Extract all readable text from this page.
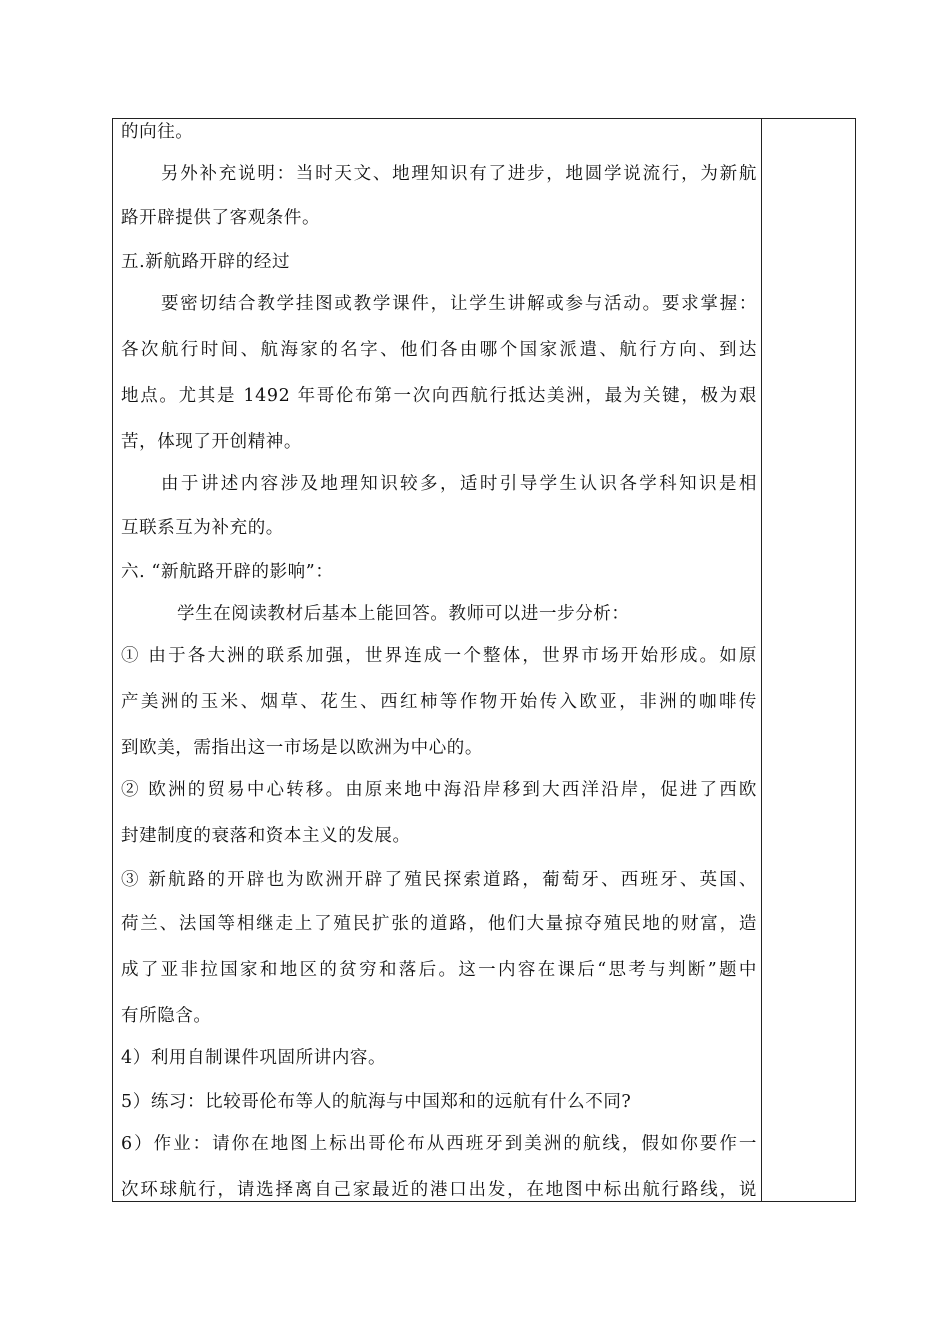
的向往。
另外补充说明：当时天文、地理知识有了进步，地圆学说流行，为新航
路开辟提供了客观条件。
五.新航路开辟的经过
要密切结合教学挂图或教学课件，让学生讲解或参与活动。要求掌握：
各次航行时间、航海家的名字、他们各由哪个国家派遣、航行方向、到达
地点。尤其是 1492 年哥伦布第一次向西航行抵达美洲，最为关键，极为艰
苦，体现了开创精神。
由于讲述内容涉及地理知识较多，适时引导学生认识各学科知识是相
互联系互为补充的。
六. “新航路开辟的影响”：
学生在阅读教材后基本上能回答。教师可以进一步分析：
① 由于各大洲的联系加强，世界连成一个整体，世界市场开始形成。如原
产美洲的玉米、烟草、花生、西红柿等作物开始传入欧亚，非洲的咖啡传
到欧美，需指出这一市场是以欧洲为中心的。
② 欧洲的贸易中心转移。由原来地中海沿岸移到大西洋沿岸，促进了西欧
封建制度的衰落和资本主义的发展。
③ 新航路的开辟也为欧洲开辟了殖民探索道路，葡萄牙、西班牙、英国、
荷兰、法国等相继走上了殖民扩张的道路，他们大量掠夺殖民地的财富，造
成了亚非拉国家和地区的贫穷和落后。这一内容在课后“思考与判断”题中
有所隐含。
4）利用自制课件巩固所讲内容。
5）练习：比较哥伦布等人的航海与中国郑和的远航有什么不同?
6）作业：请你在地图上标出哥伦布从西班牙到美洲的航线，假如你要作一
次环球航行，请选择离自己家最近的港口出发，在地图中标出航行路线，说
